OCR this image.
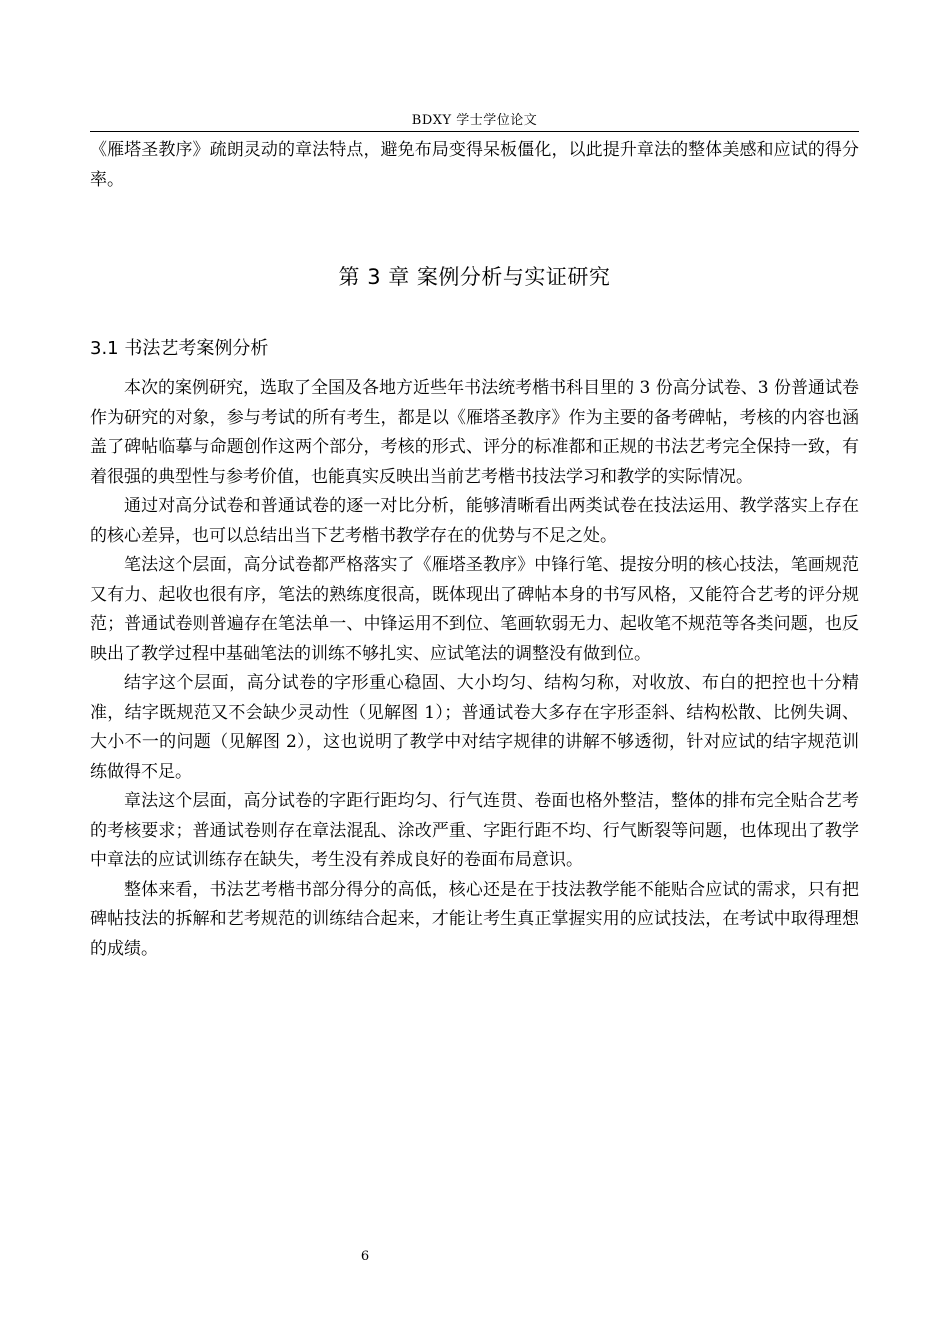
BDXY 学士学位论文

《雁塔圣教序》疏朗灵动的章法特点，避免布局变得呆板僵化，以此提升章法的整体美感和应试的得分率。

第 3 章 案例分析与实证研究
3.1 书法艺考案例分析

本次的案例研究，选取了全国及各地方近些年书法统考楷书科目里的 3 份高分试卷、3 份普通试卷作为研究的对象，参与考试的所有考生，都是以《雁塔圣教序》作为主要的备考碑帖，考核的内容也涵盖了碑帖临摹与命题创作这两个部分，考核的形式、评分的标准都和正规的书法艺考完全保持一致，有着很强的典型性与参考价值，也能真实反映出当前艺考楷书技法学习和教学的实际情况。

通过对高分试卷和普通试卷的逐一对比分析，能够清晰看出两类试卷在技法运用、教学落实上存在的核心差异，也可以总结出当下艺考楷书教学存在的优势与不足之处。

笔法这个层面，高分试卷都严格落实了《雁塔圣教序》中锋行笔、提按分明的核心技法，笔画规范又有力、起收也很有序，笔法的熟练度很高，既体现出了碑帖本身的书写风格，又能符合艺考的评分规范；普通试卷则普遍存在笔法单一、中锋运用不到位、笔画软弱无力、起收笔不规范等各类问题，也反映出了教学过程中基础笔法的训练不够扎实、应试笔法的调整没有做到位。

结字这个层面，高分试卷的字形重心稳固、大小均匀、结构匀称，对收放、布白的把控也十分精准，结字既规范又不会缺少灵动性（见解图 1）；普通试卷大多存在字形歪斜、结构松散、比例失调、大小不一的问题（见解图 2），这也说明了教学中对结字规律的讲解不够透彻，针对应试的结字规范训练做得不足。

章法这个层面，高分试卷的字距行距均匀、行气连贯、卷面也格外整洁，整体的排布完全贴合艺考的考核要求；普通试卷则存在章法混乱、涂改严重、字距行距不均、行气断裂等问题，也体现出了教学中章法的应试训练存在缺失，考生没有养成良好的卷面布局意识。

整体来看，书法艺考楷书部分得分的高低，核心还是在于技法教学能不能贴合应试的需求，只有把碑帖技法的拆解和艺考规范的训练结合起来，才能让考生真正掌握实用的应试技法，在考试中取得理想的成绩。

6
